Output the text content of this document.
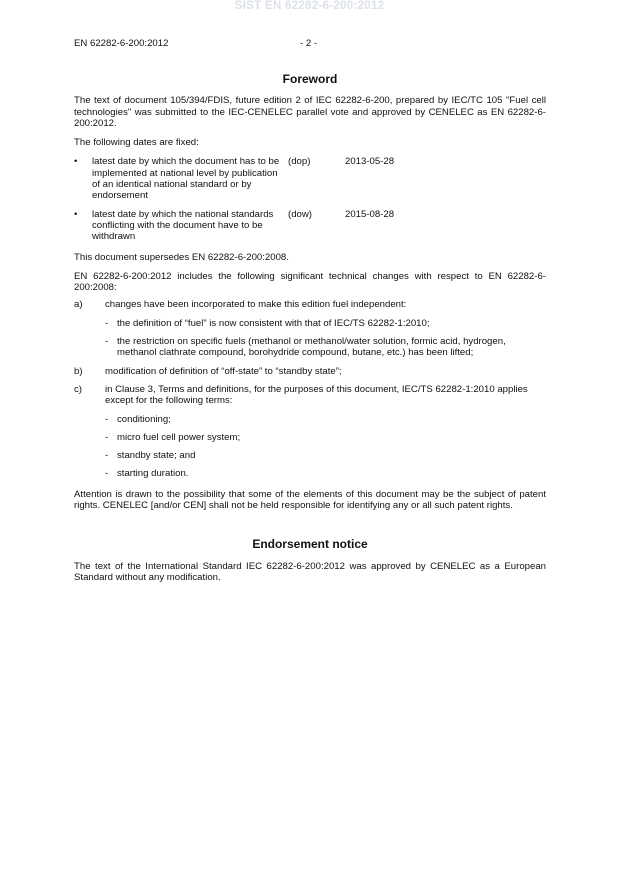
SIST EN 62282-6-200:2012
EN 62282-6-200:2012	- 2 -
Foreword

The text of document 105/394/FDIS, future edition 2 of IEC 62282-6-200, prepared by IEC/TC 105 "Fuel cell technologies" was submitted to the IEC-CENELEC parallel vote and approved by CENELEC as EN 62282-6-200:2012.

The following dates are fixed:

•	latest date by which the document has to be implemented at national level by publication of an identical national standard or by endorsement
(dop)	2013-05-28
•	latest date by which the national standards conflicting with the document have to be withdrawn
(dow)	2015-08-28

This document supersedes EN 62282-6-200:2008.

EN 62282-6-200:2012 includes the following significant technical changes with respect to EN 62282-6-200:2008:

a)	changes have been incorporated to make this edition fuel independent:
- the definition of “fuel” is now consistent with that of IEC/TS 62282-1:2010;
- the restriction on specific fuels (methanol or methanol/water solution, formic acid, hydrogen, methanol clathrate compound, borohydride compound, butane, etc.) has been lifted;
b)	modification of definition of “off-state” to “standby state”;
c)	in Clause 3, Terms and definitions, for the purposes of this document, IEC/TS 62282-1:2010 applies except for the following terms:
- conditioning;
- micro fuel cell power system;
- standby state; and
- starting duration.

Attention is drawn to the possibility that some of the elements of this document may be the subject of patent rights. CENELEC [and/or CEN] shall not be held responsible for identifying any or all such patent rights.

Endorsement notice

The text of the International Standard IEC 62282-6-200:2012 was approved by CENELEC as a European Standard without any modification.
